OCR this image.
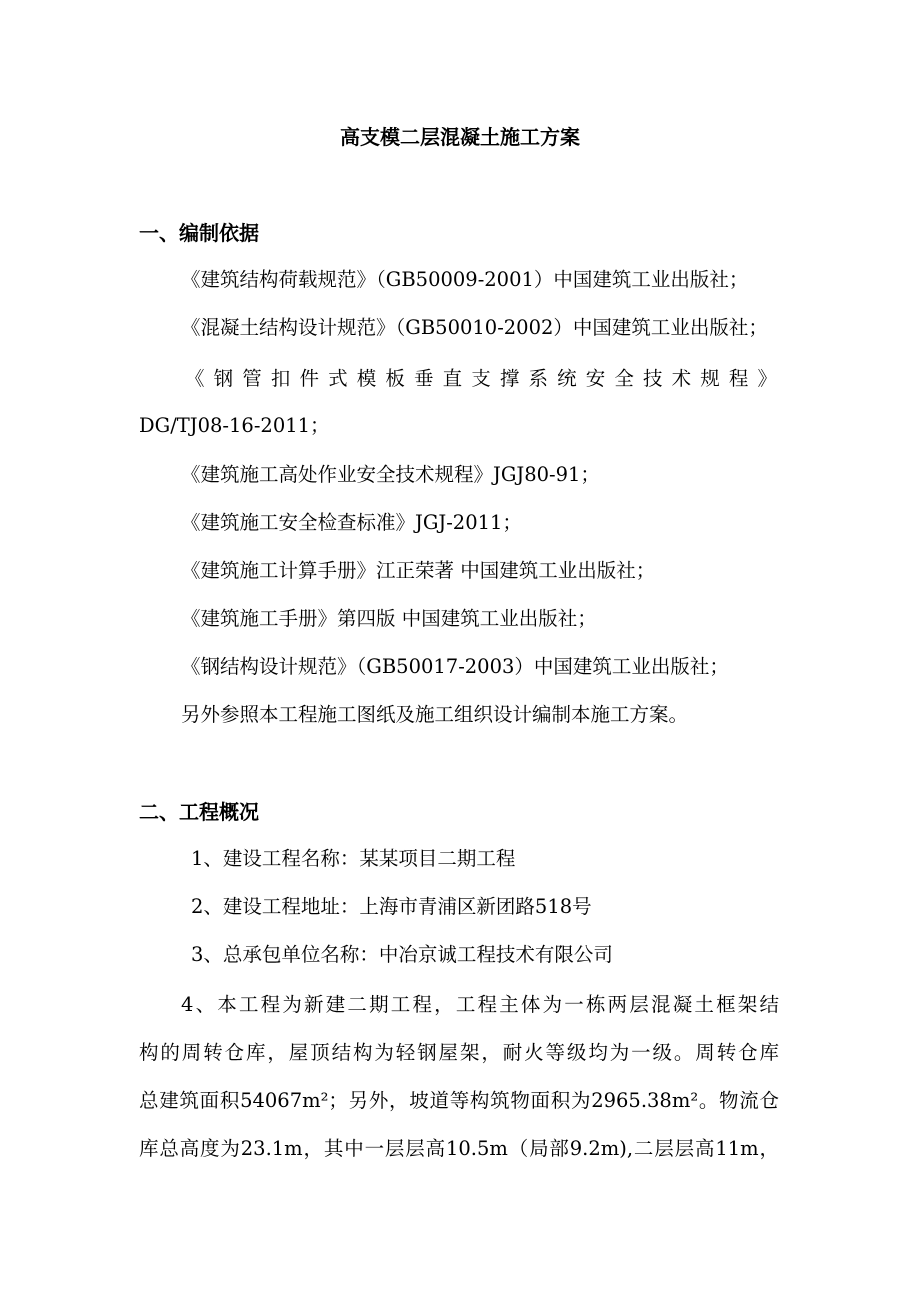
高支模二层混凝土施工方案
一、编制依据
《建筑结构荷载规范》（GB50009-2001）中国建筑工业出版社；
《混凝土结构设计规范》（GB50010-2002）中国建筑工业出版社；
《钢管扣件式模板垂直支撑系统安全技术规程》
DG/TJ08-16-2011；
《建筑施工高处作业安全技术规程》JGJ80-91；
《建筑施工安全检查标准》JGJ-2011；
《建筑施工计算手册》江正荣著 中国建筑工业出版社；
《建筑施工手册》第四版 中国建筑工业出版社；
《钢结构设计规范》（GB50017-2003）中国建筑工业出版社；
另外参照本工程施工图纸及施工组织设计编制本施工方案。
二、工程概况
1、建设工程名称：某某项目二期工程
2、建设工程地址：上海市青浦区新团路518号
3、总承包单位名称：中冶京诚工程技术有限公司
4、本工程为新建二期工程，工程主体为一栋两层混凝土框架结
构的周转仓库，屋顶结构为轻钢屋架，耐火等级均为一级。周转仓库
总建筑面积54067m²；另外，坡道等构筑物面积为2965.38m²。物流仓
库总高度为23.1m，其中一层层高10.5m（局部9.2m),二层层高11m，
